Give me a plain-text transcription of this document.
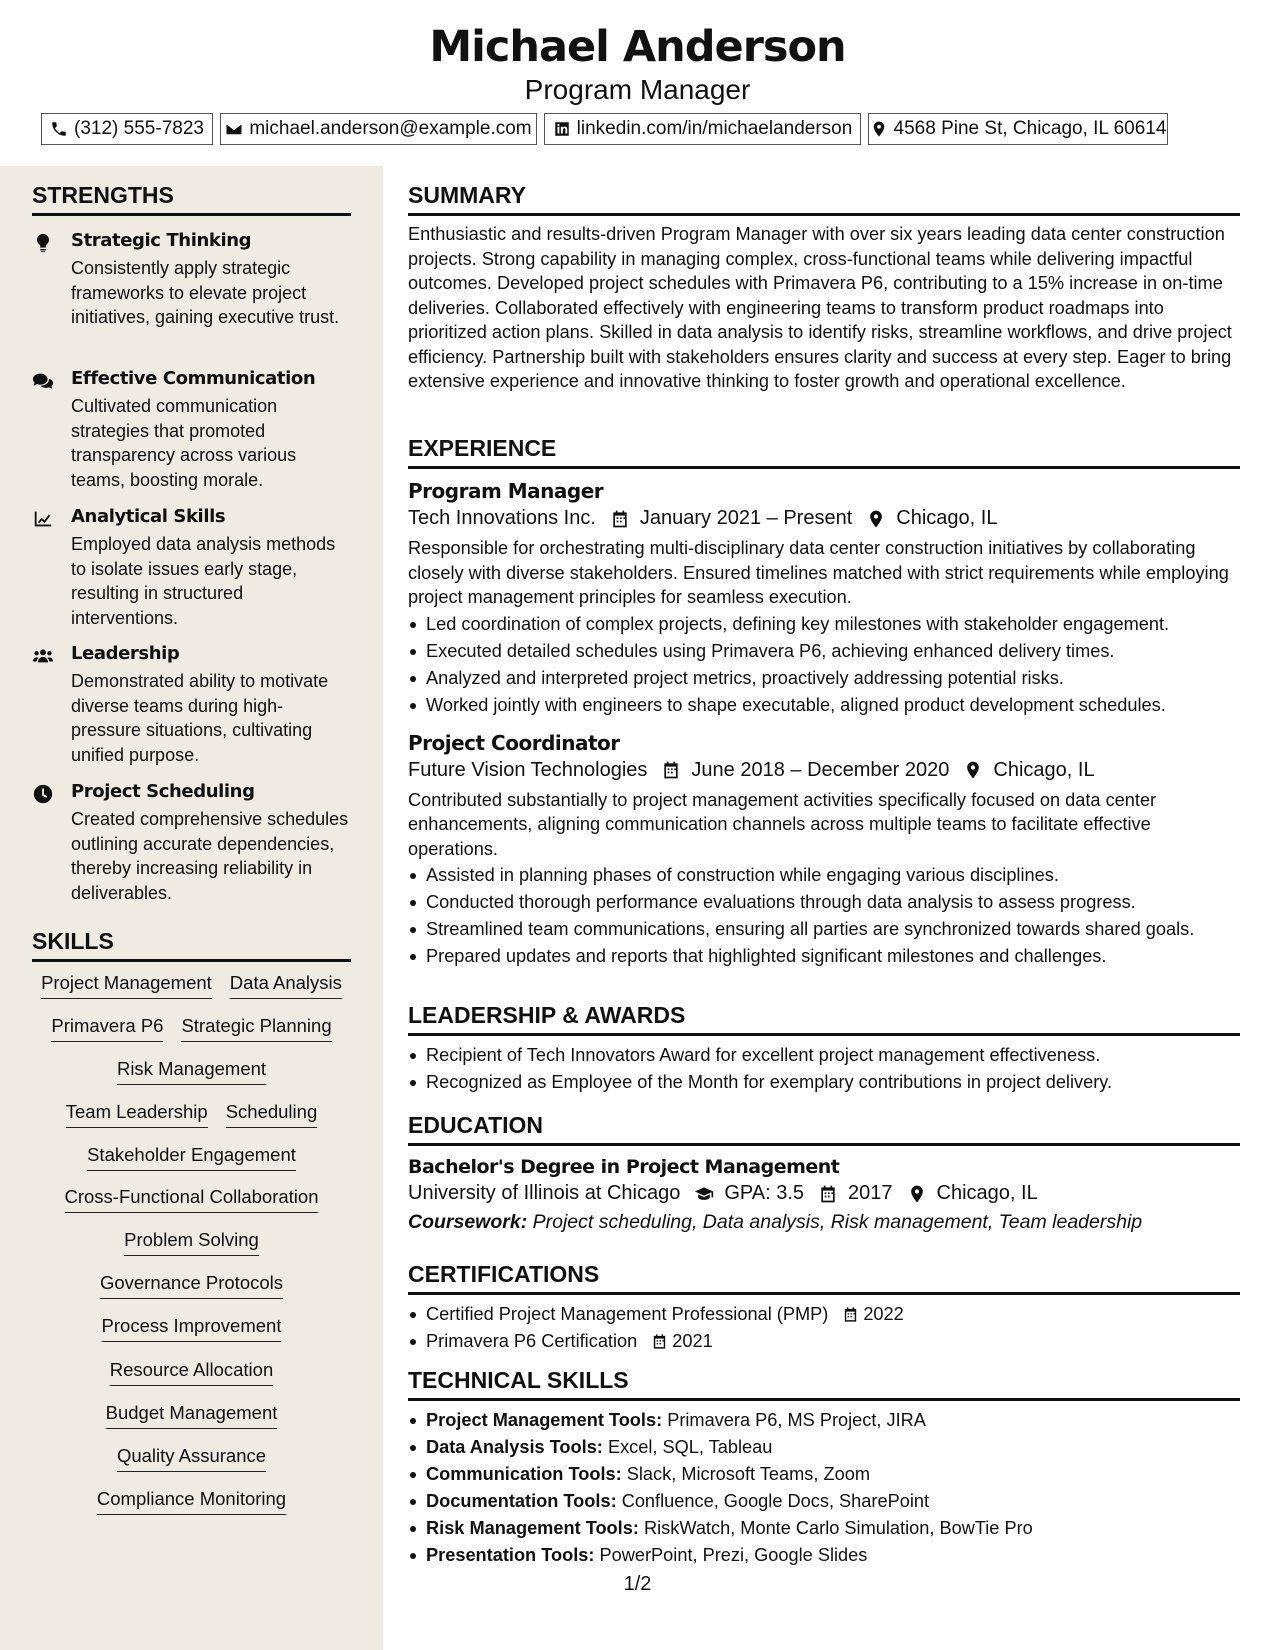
Michael Anderson
Program Manager
(312) 555-7823 michael.anderson@example.com linkedin.com/in/michaelanderson 4568 Pine St, Chicago, IL 60614
STRENGTHS
Strategic Thinking
Consistently apply strategic frameworks to elevate project initiatives, gaining executive trust.
Effective Communication
Cultivated communication strategies that promoted transparency across various teams, boosting morale.
Analytical Skills
Employed data analysis methods to isolate issues early stage, resulting in structured interventions.
Leadership
Demonstrated ability to motivate diverse teams during high-pressure situations, cultivating unified purpose.
Project Scheduling
Created comprehensive schedules outlining accurate dependencies, thereby increasing reliability in deliverables.
SKILLS
Project Management Data Analysis
Primavera P6 Strategic Planning
Risk Management
Team Leadership Scheduling
Stakeholder Engagement
Cross-Functional Collaboration
Problem Solving
Governance Protocols
Process Improvement
Resource Allocation
Budget Management
Quality Assurance
Compliance Monitoring
SUMMARY
Enthusiastic and results-driven Program Manager with over six years leading data center construction projects. Strong capability in managing complex, cross-functional teams while delivering impactful outcomes. Developed project schedules with Primavera P6, contributing to a 15% increase in on-time deliveries. Collaborated effectively with engineering teams to transform product roadmaps into prioritized action plans. Skilled in data analysis to identify risks, streamline workflows, and drive project efficiency. Partnership built with stakeholders ensures clarity and success at every step. Eager to bring extensive experience and innovative thinking to foster growth and operational excellence.
EXPERIENCE
Program Manager
Tech Innovations Inc. January 2021 – Present Chicago, IL
Responsible for orchestrating multi-disciplinary data center construction initiatives by collaborating closely with diverse stakeholders. Ensured timelines matched with strict requirements while employing project management principles for seamless execution.
Led coordination of complex projects, defining key milestones with stakeholder engagement.
Executed detailed schedules using Primavera P6, achieving enhanced delivery times.
Analyzed and interpreted project metrics, proactively addressing potential risks.
Worked jointly with engineers to shape executable, aligned product development schedules.
Project Coordinator
Future Vision Technologies June 2018 – December 2020 Chicago, IL
Contributed substantially to project management activities specifically focused on data center enhancements, aligning communication channels across multiple teams to facilitate effective operations.
Assisted in planning phases of construction while engaging various disciplines.
Conducted thorough performance evaluations through data analysis to assess progress.
Streamlined team communications, ensuring all parties are synchronized towards shared goals.
Prepared updates and reports that highlighted significant milestones and challenges.
LEADERSHIP & AWARDS
Recipient of Tech Innovators Award for excellent project management effectiveness.
Recognized as Employee of the Month for exemplary contributions in project delivery.
EDUCATION
Bachelor's Degree in Project Management
University of Illinois at Chicago GPA: 3.5 2017 Chicago, IL
Coursework: Project scheduling, Data analysis, Risk management, Team leadership
CERTIFICATIONS
Certified Project Management Professional (PMP) 2022
Primavera P6 Certification 2021
TECHNICAL SKILLS
Project Management Tools: Primavera P6, MS Project, JIRA
Data Analysis Tools: Excel, SQL, Tableau
Communication Tools: Slack, Microsoft Teams, Zoom
Documentation Tools: Confluence, Google Docs, SharePoint
Risk Management Tools: RiskWatch, Monte Carlo Simulation, BowTie Pro
Presentation Tools: PowerPoint, Prezi, Google Slides
1/2
